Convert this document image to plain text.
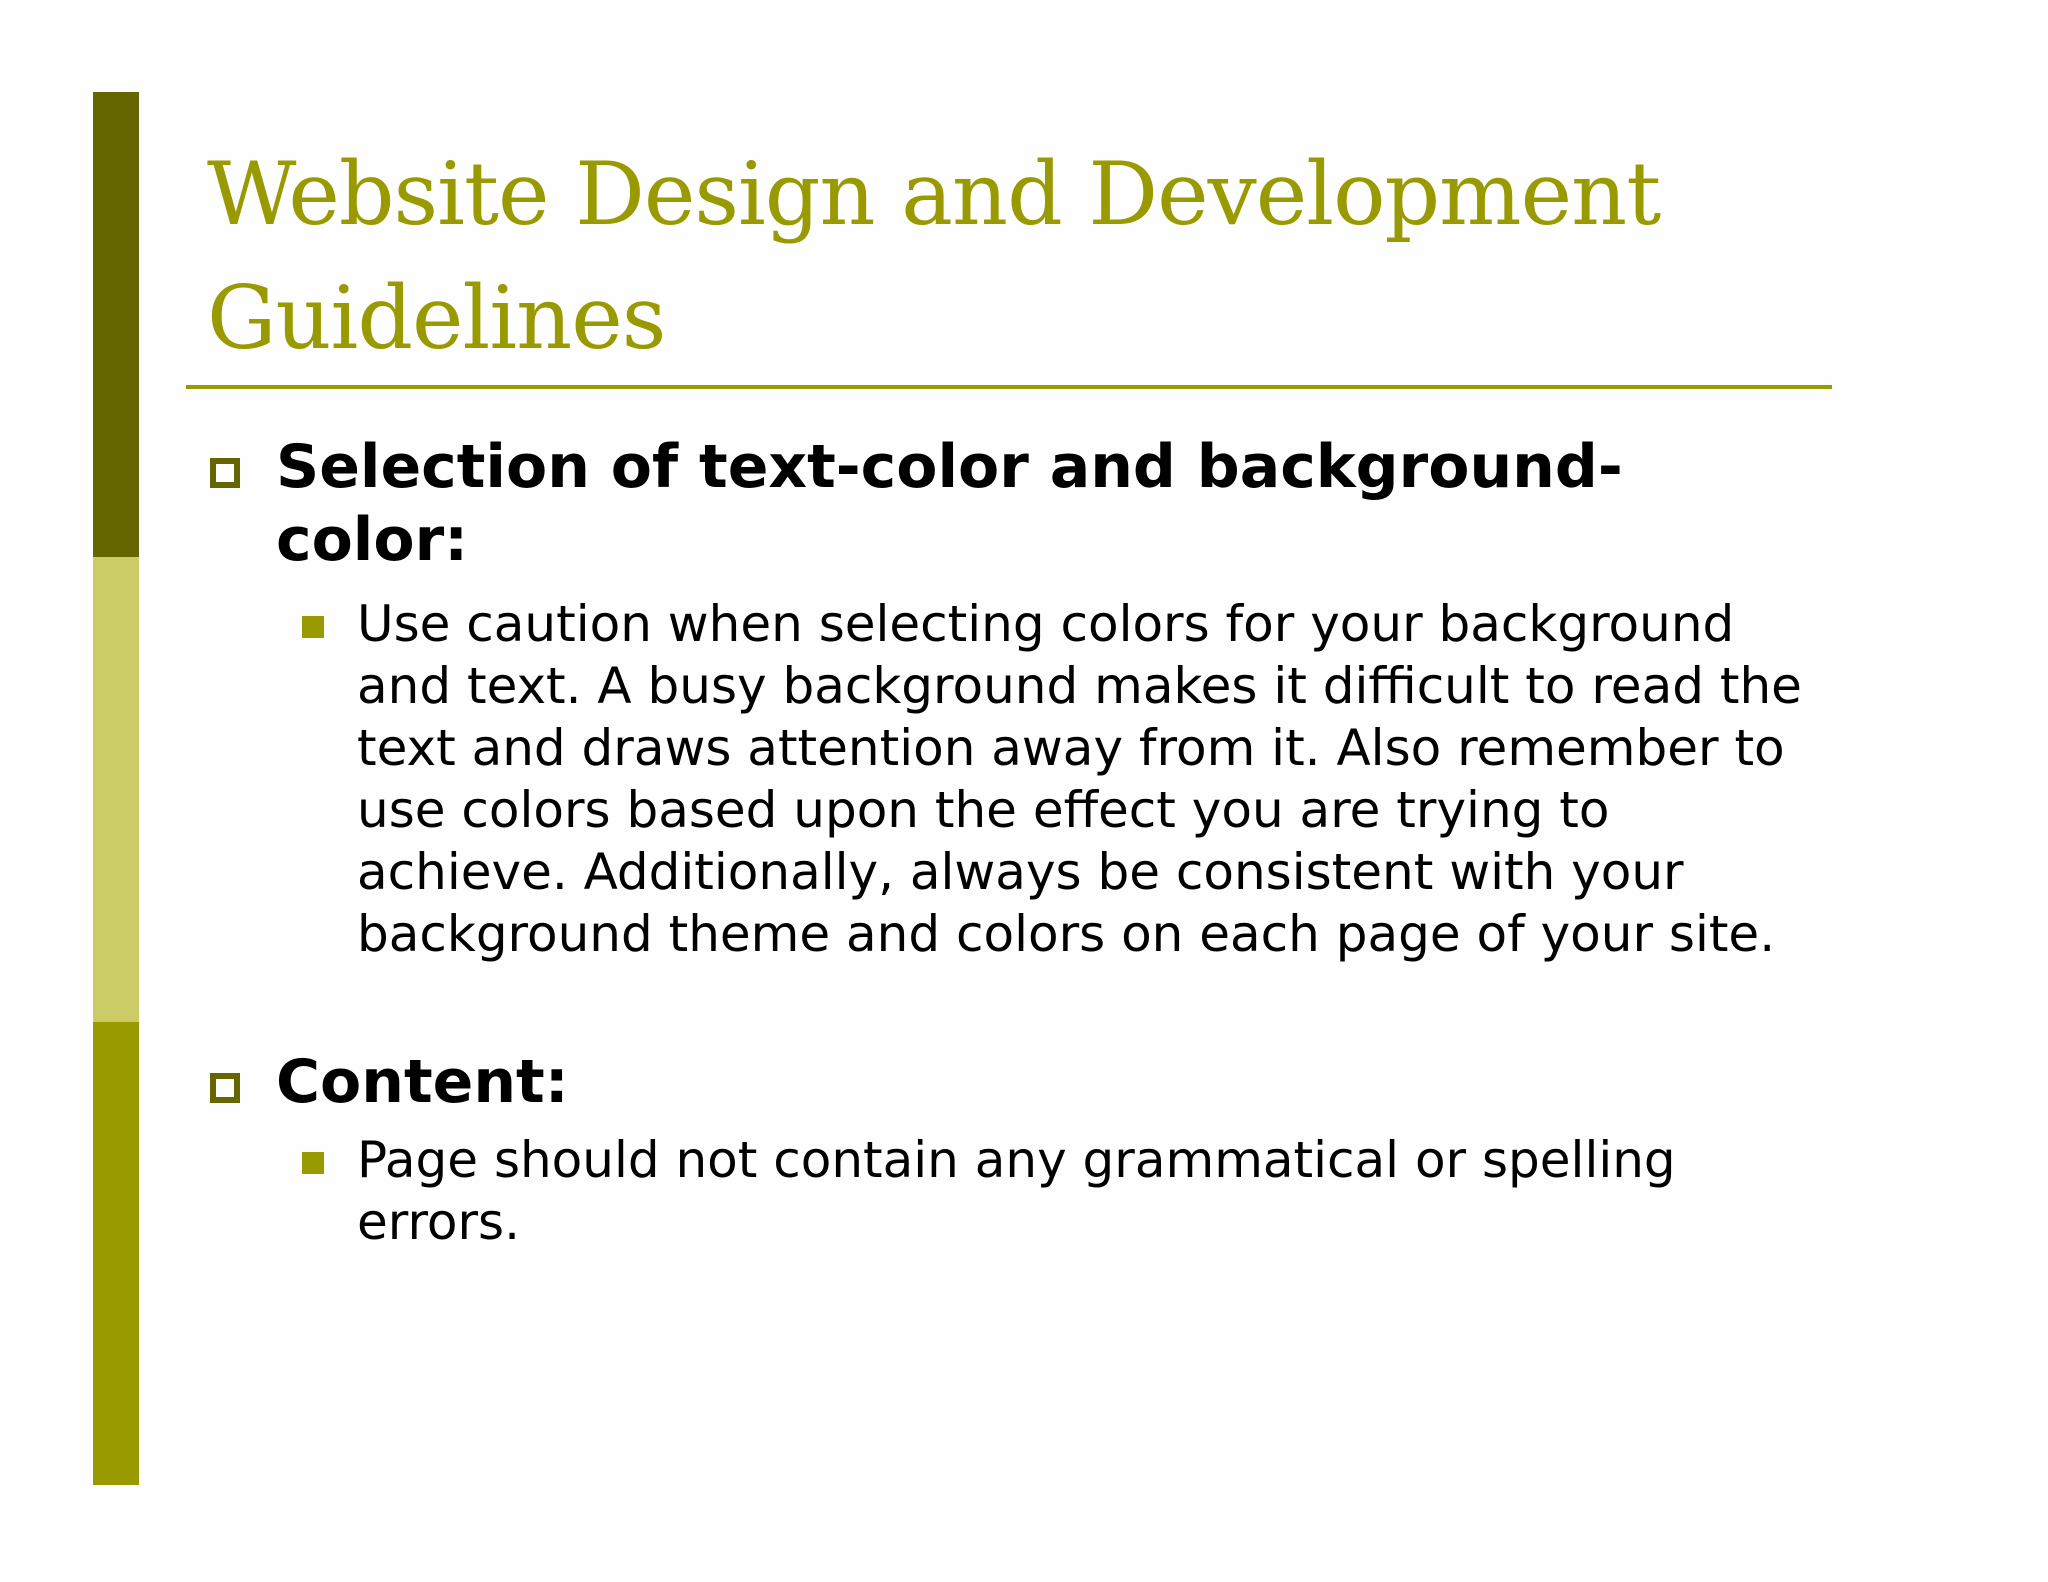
Website Design and Development Guidelines

Selection of text-color and background-color:

Use caution when selecting colors for your background and text. A busy background makes it difficult to read the text and draws attention away from it. Also remember to use colors based upon the effect you are trying to achieve. Additionally, always be consistent with your background theme and colors on each page of your site.

Content:

Page should not contain any grammatical or spelling errors.
